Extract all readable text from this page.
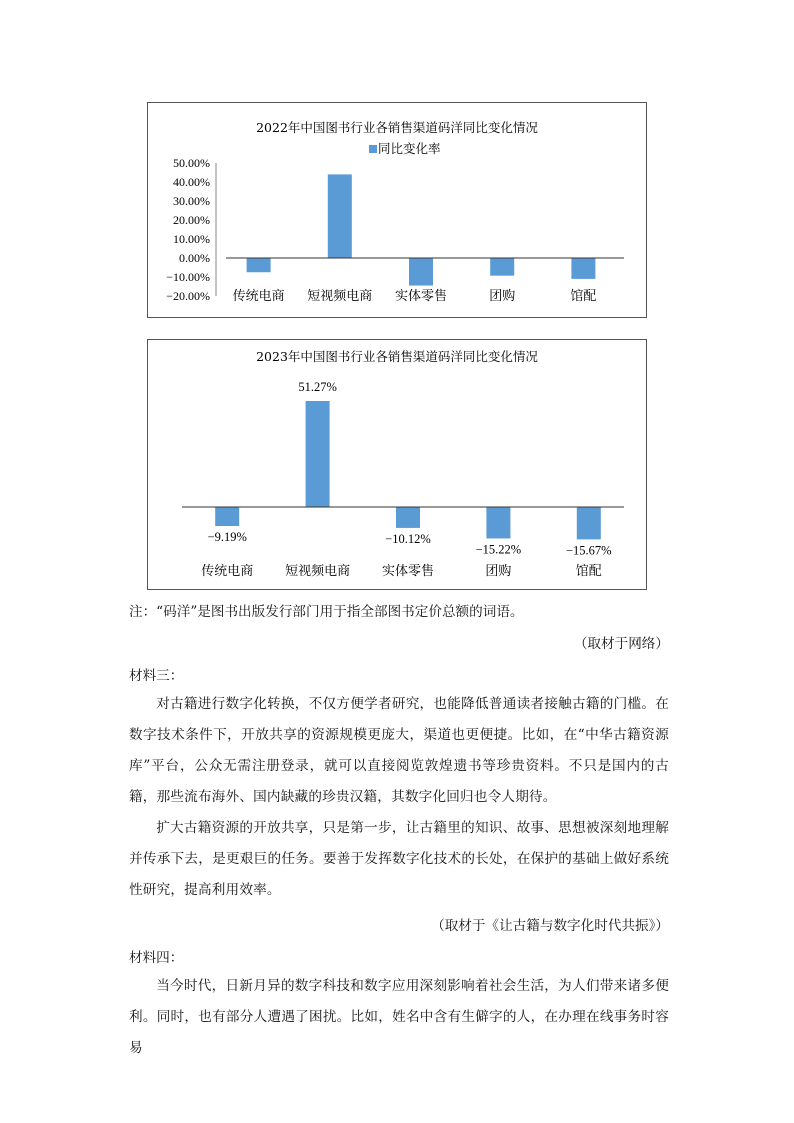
2022年中国图书行业各销售渠道码洋同比变化情况
同比变化率
50.00%
40.00%
30.00%
20.00%
10.00%
0.00%
−10.00%
−20.00% 传统电商 短视频电商 实体零售	团购	馆配
2023年中国图书行业各销售渠道码洋同比变化情况
−9.19%
传统电商
51.27%
短视频电商
−10.12%
实体零售
−15.22%
团购
−15.67%
馆配

注：“码洋”是图书出版发行部门用于指全部图书定价总额的词语。

（取材于网络）

材料三：

对古籍进行数字化转换，不仅方便学者研究，也能降低普通读者接触古籍的门槛。在数字技术条件下，开放共享的资源规模更庞大，渠道也更便捷。比如，在“中华古籍资源库”平台，公众无需注册登录，就可以直接阅览敦煌遗书等珍贵资料。不只是国内的古籍，那些流布海外、国内缺藏的珍贵汉籍，其数字化回归也令人期待。

扩大古籍资源的开放共享，只是第一步，让古籍里的知识、故事、思想被深刻地理解并传承下去，是更艰巨的任务。要善于发挥数字化技术的长处，在保护的基础上做好系统性研究，提高利用效率。

（取材于《让古籍与数字化时代共振》）

材料四：

当今时代，日新月异的数字科技和数字应用深刻影响着社会生活，为人们带来诸多便利。同时，也有部分人遭遇了困扰。比如，姓名中含有生僻字的人，在办理在线事务时容易
